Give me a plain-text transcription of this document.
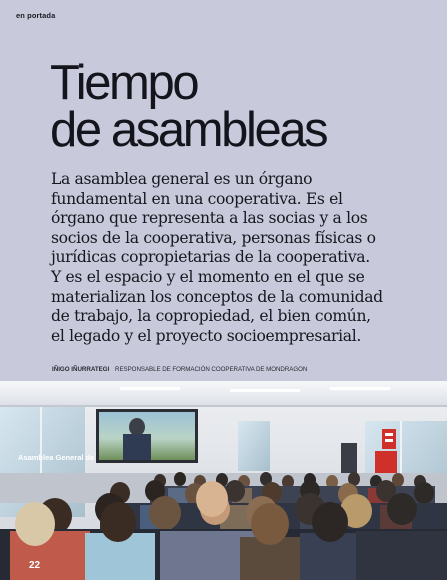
en portada
Tiempo
de asambleas

La asamblea general es un órgano
fundamental en una cooperativa. Es el
órgano que representa a las socias y a los
socios de la cooperativa, personas físicas o
jurídicas copropietarias de la cooperativa.
Y es el espacio y el momento en el que se
materializan los conceptos de la comunidad
de trabajo, la copropiedad, el bien común,
el legado y el proyecto socioempresarial.

IÑIGO IÑURRATEGI RESPONSABLE DE FORMACIÓN COOPERATIVA DE MONDRAGON
Asamblea General de
22
